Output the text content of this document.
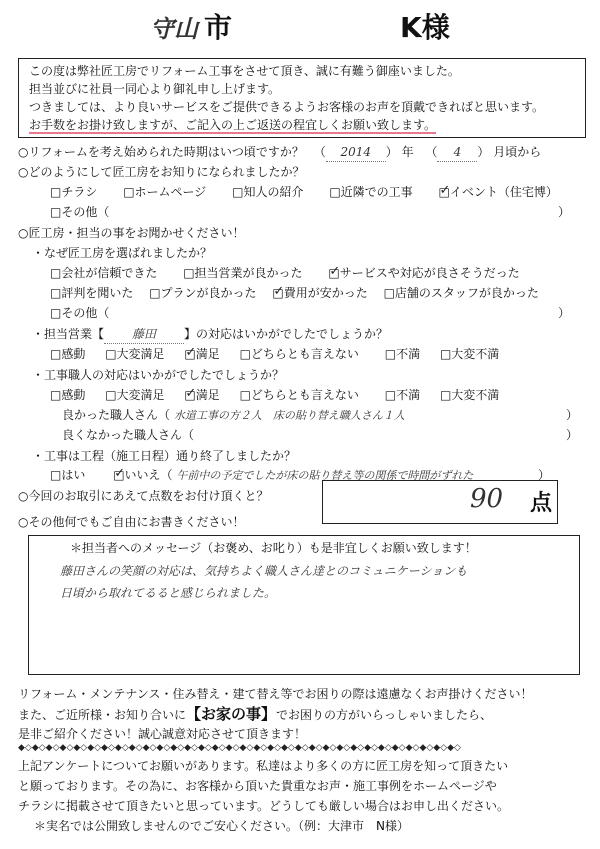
守山 市	K様
この度は弊社匠工房でリフォーム工事をさせて頂き、誠に有難う御座いました。
担当並びに社員一同心より御礼申し上げます。
つきましては、より良いサービスをご提供できるようお客様のお声を頂戴できればと思います。
お手数をお掛け致しますが、ご記入の上ご返送の程宜しくお願い致します。
○リフォームを考え始められた時期はいつ頃ですか？ （ 2014 ） 年 （ 4 ） 月頃から
○どのようにして匠工房をお知りになられましたか？
□ チラシ □	ホームページ □	知人の紹介 □	近隣での工事 □ ✓	イベント（住宅博）
□ その他（	）
○匠工房・担当の事をお聞かせください！
・なぜ匠工房を選ばれましたか？
□ 会社が信頼できた □	担当営業が良かった □ ✓	サービスや対応が良さそうだった
□ 評判を聞いた □ プランが良かった □ ✓ 費用が安かった □ 店舗のスタッフが良かった
□ その他（	）
・担当営業【 藤田 】の対応はいかがでしたでしょうか？
□ 感動 □	大変満足 □ ✓	満足 □	どちらとも言えない □	不満 □	大変不満
・工事職人の対応はいかがでしたでしょうか？
□ 感動 □	大変満足 □ ✓	満足 □	どちらとも言えない □	不満 □	大変不満
良かった職人さん（ 水道工事の方２人　床の貼り替え職人さん１人	）
良くなかった職人さん（	）
・工事は工程（施工日程）通り終了しましたか？
□ はい □ ✓	いいえ（ 午前中の予定でしたが床の貼り替え等の関係で時間がずれた	）
○今回のお取引にあえて点数をお付け頂くと？	90 点
○その他何でもご自由にお書きください！
＊担当者へのメッセージ（お褒め、お叱り）も是非宜しくお願い致します！
藤田さんの笑顔の対応は、気持ちよく職人さん達とのコミュニケーションも
日頃から取れてるると感じられました。
リフォーム・メンテナンス・住み替え・建て替え等でお困りの際は遠慮なくお声掛けください！
また、ご近所様・お知り合いに【お家の事】でお困りの方がいらっしゃいましたら、
是非ご紹介ください！誠心誠意対応させて頂きます！
◆◇◆◇◆◇◆◇◆◇◆◇◆◇◆◇◆◇◆◇◆◇◆◇◆◇◆◇◆◇◆◇◆◇◆◇◆◇◆◇◆◇◆◇◆◇◆◇◆◇◆◇◆◇◆◇◆◇◆◇◆◇◆◇
上記アンケートについてお願いがあります。私達はより多くの方に匠工房を知って頂きたい
と願っております。その為に、お客様から頂いた貴重なお声・施工事例をホームページや
チラシに掲載させて頂きたいと思っています。どうしても厳しい場合はお申し出ください。
＊実名では公開致しませんのでご安心ください。（例：大津市　N様）
